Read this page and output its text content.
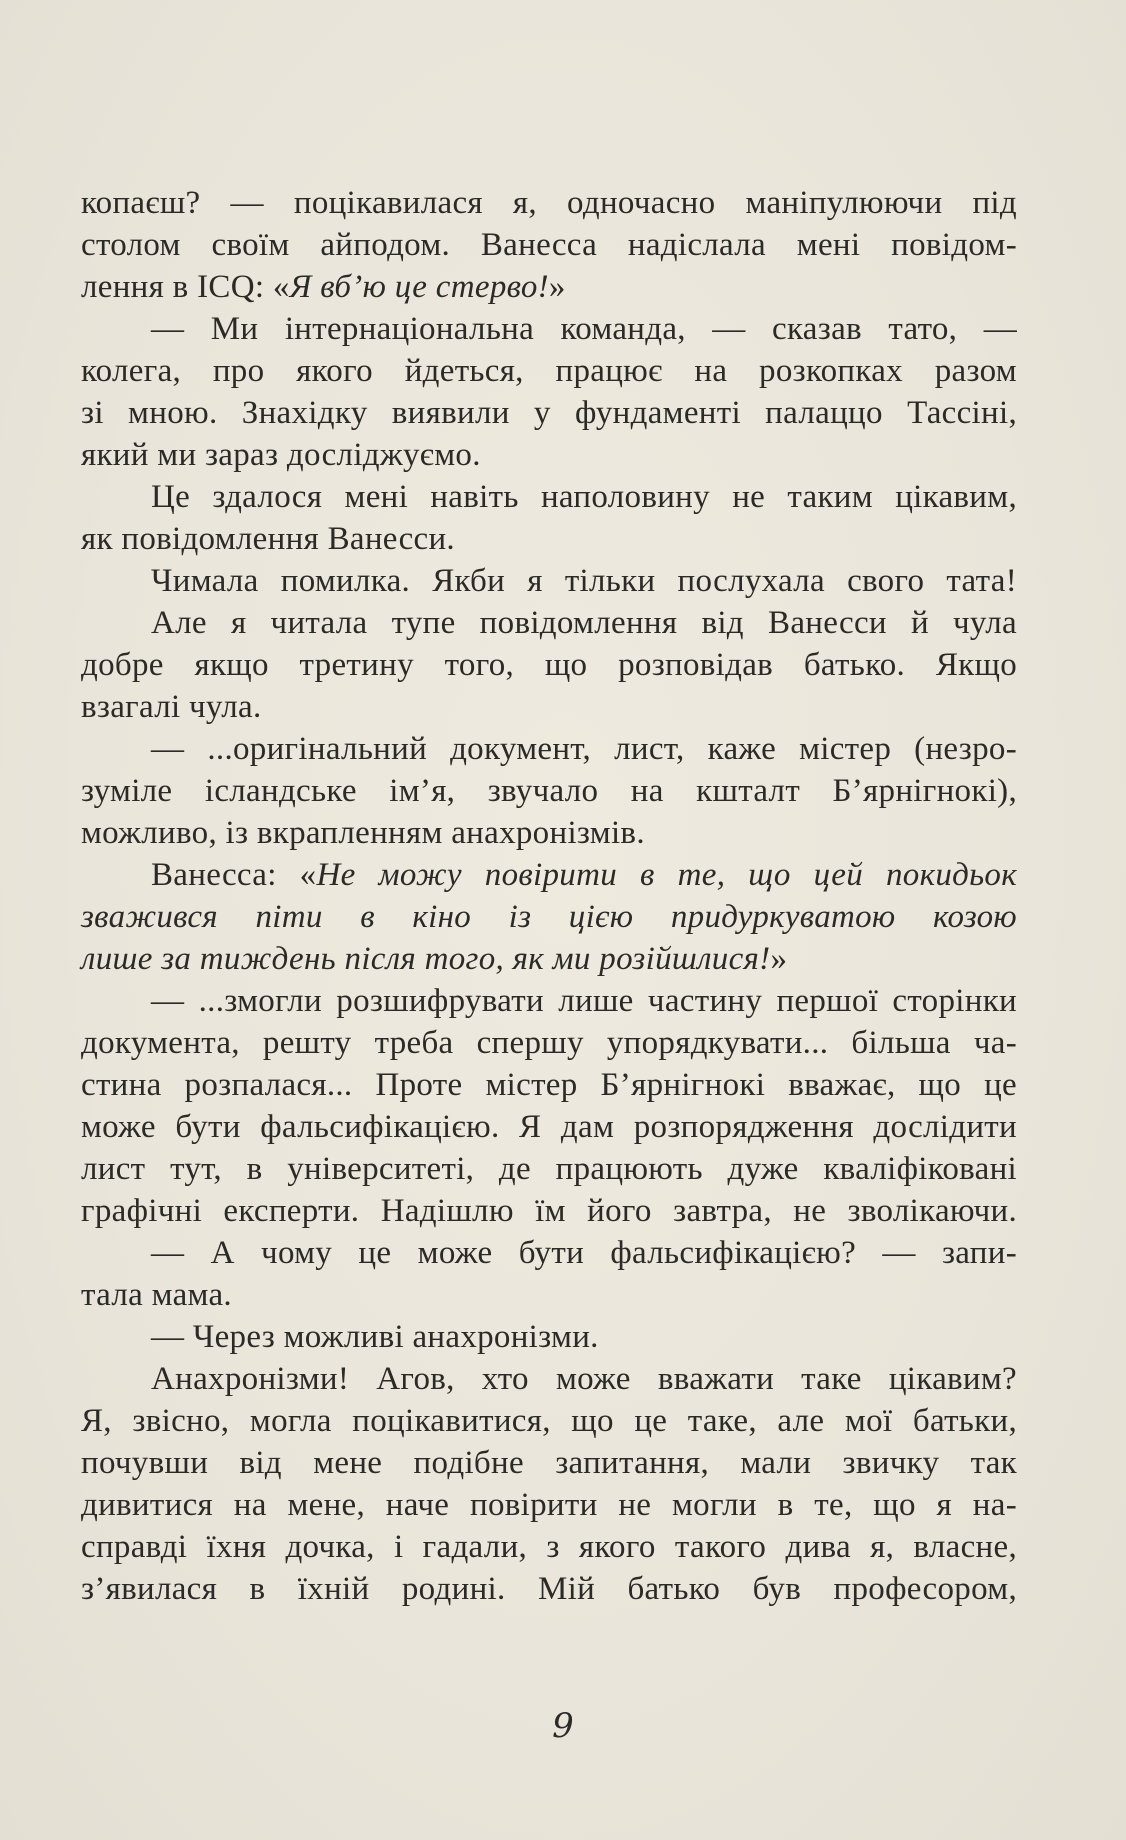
копаєш? — поцікавилася я, одночасно маніпулюючи під
столом своїм айподом. Ванесса надіслала мені повідом-
лення в ICQ: «Я вб’ю це стерво!»
— Ми інтернаціональна команда, — сказав тато, —
колега, про якого йдеться, працює на розкопках разом
зі мною. Знахідку виявили у фундаменті палаццо Тассіні,
який ми зараз досліджуємо.
Це здалося мені навіть наполовину не таким цікавим,
як повідомлення Ванесси.
Чимала помилка. Якби я тільки послухала свого тата!
Але я читала тупе повідомлення від Ванесси й чула
добре якщо третину того, що розповідав батько. Якщо
взагалі чула.
— ...оригінальний документ, лист, каже містер (незро-
зуміле ісландське ім’я, звучало на кшталт Б’ярнігнокі),
можливо, із вкрапленням анахронізмів.
Ванесса: «Не можу повірити в те, що цей покидьок
зважився піти в кіно із цією придуркуватою козою
лише за тиждень після того, як ми розійшлися!»
— ...змогли розшифрувати лише частину першої сторінки
документа, решту треба спершу упорядкувати... більша ча-
стина розпалася... Проте містер Б’ярнігнокі вважає, що це
може бути фальсифікацією. Я дам розпорядження дослідити
лист тут, в університеті, де працюють дуже кваліфіковані
графічні експерти. Надішлю їм його завтра, не зволікаючи.
— А чому це може бути фальсифікацією? — запи-
тала мама.
— Через можливі анахронізми.
Анахронізми! Агов, хто може вважати таке цікавим?
Я, звісно, могла поцікавитися, що це таке, але мої батьки,
почувши від мене подібне запитання, мали звичку так
дивитися на мене, наче повірити не могли в те, що я на-
справді їхня дочка, і гадали, з якого такого дива я, власне,
з’явилася в їхній родині. Мій батько був професором,
9
